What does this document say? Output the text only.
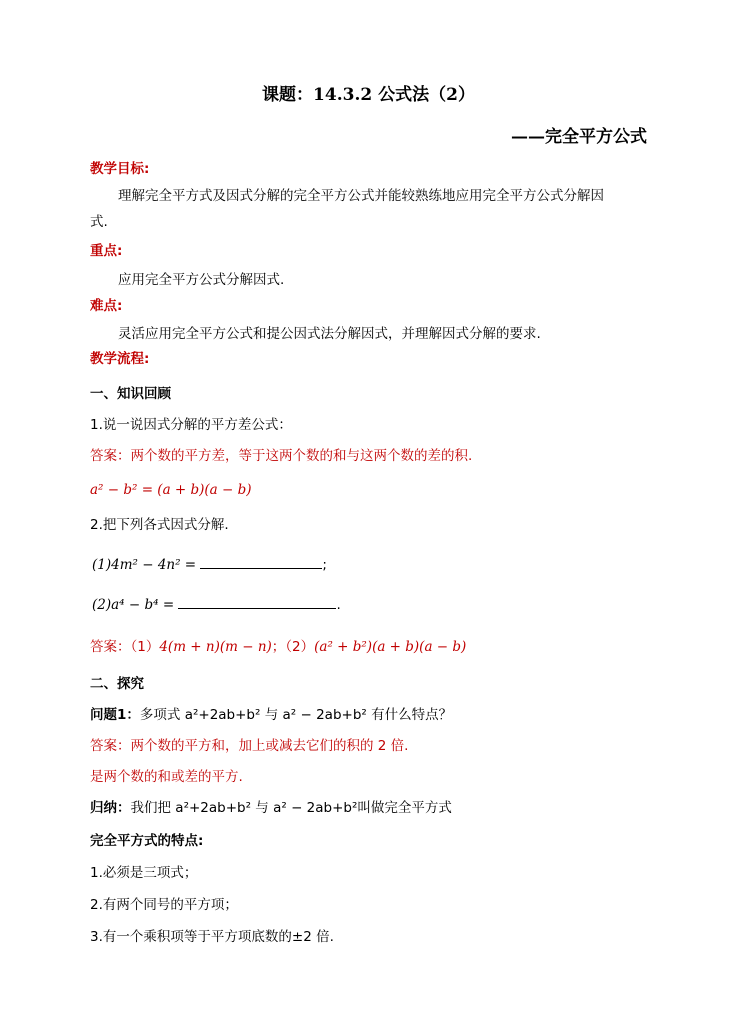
课题：14.3.2 公式法（2）
——完全平方公式
教学目标:
理解完全平方式及因式分解的完全平方公式并能较熟练地应用完全平方公式分解因
式.
重点:
应用完全平方公式分解因式.
难点:
灵活应用完全平方公式和提公因式法分解因式，并理解因式分解的要求.
教学流程:
一、知识回顾
1.说一说因式分解的平方差公式：
答案：两个数的平方差，等于这两个数的和与这两个数的差的积.
a² − b² = (a + b)(a − b)
2.把下列各式因式分解.
(1)4m² − 4n² =	;
(2)a⁴ − b⁴ =	.
答案：（1）4(m + n)(m − n)；（2）(a² + b²)(a + b)(a − b)
二、探究
问题1：多项式 a²+2ab+b² 与 a² − 2ab+b² 有什么特点？
答案：两个数的平方和，加上或减去它们的积的 2 倍.
是两个数的和或差的平方.
归纳：我们把 a²+2ab+b² 与 a² − 2ab+b²叫做完全平方式
完全平方式的特点:
1.必须是三项式；
2.有两个同号的平方项；
3.有一个乘积项等于平方项底数的±2 倍.
